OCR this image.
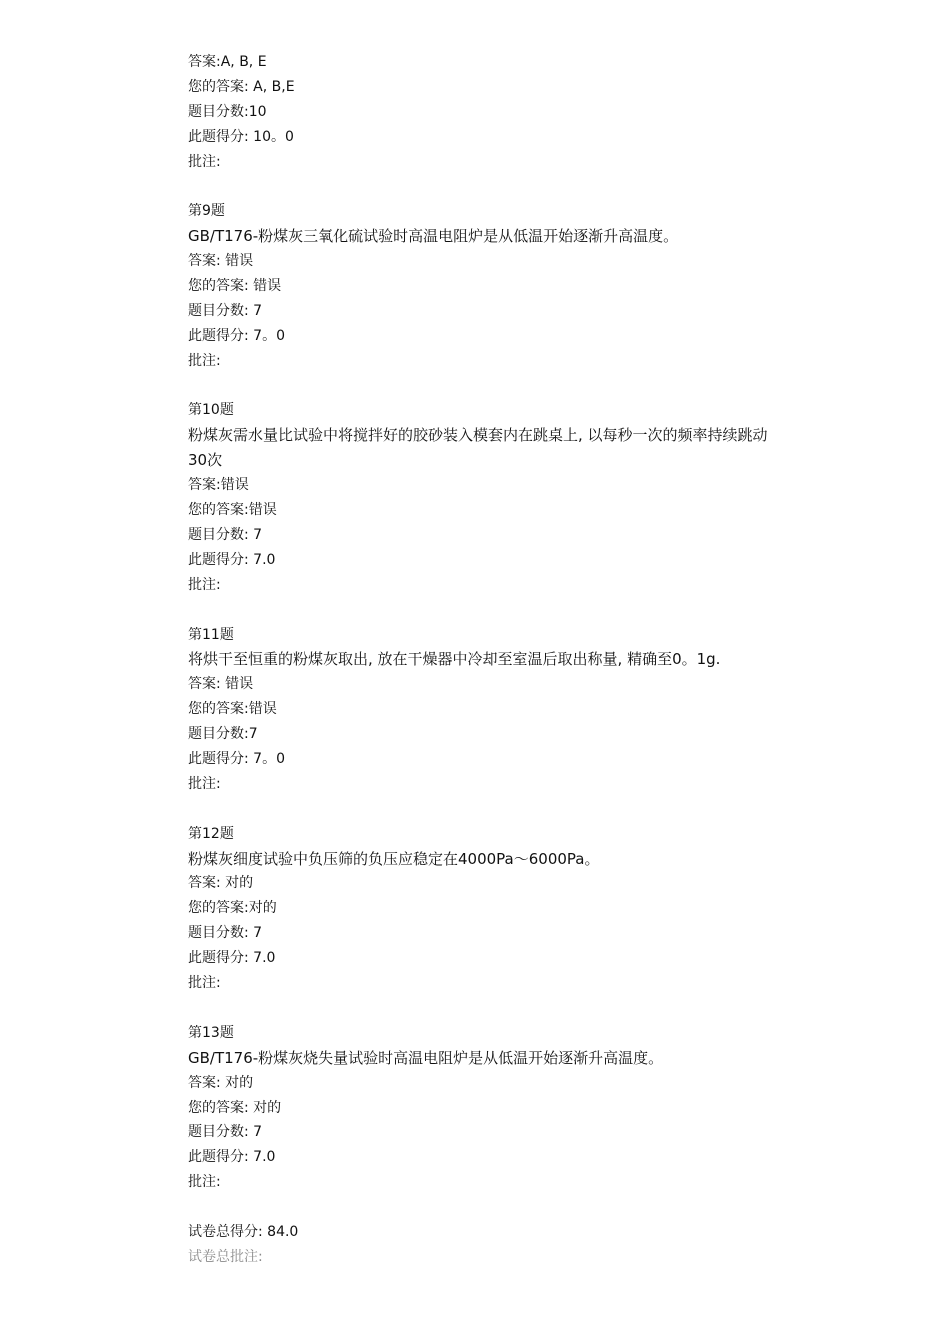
答案:A, B, E
您的答案: A, B,E
题目分数:10
此题得分: 10。0
批注:
第9题
GB/T176-粉煤灰三氧化硫试验时高温电阻炉是从低温开始逐渐升高温度。
答案: 错误
您的答案: 错误
题目分数: 7
此题得分: 7。0
批注:
第10题
粉煤灰需水量比试验中将搅拌好的胶砂装入模套内在跳桌上, 以每秒一次的频率持续跳动30次
答案:错误
您的答案:错误
题目分数: 7
此题得分: 7.0
批注:
第11题
将烘干至恒重的粉煤灰取出, 放在干燥器中冷却至室温后取出称量, 精确至0。1g.
答案: 错误
您的答案:错误
题目分数:7
此题得分: 7。0
批注:
第12题
粉煤灰细度试验中负压筛的负压应稳定在4000Pa～6000Pa。
答案: 对的
您的答案:对的
题目分数: 7
此题得分: 7.0
批注:
第13题
GB/T176-粉煤灰烧失量试验时高温电阻炉是从低温开始逐渐升高温度。
答案: 对的
您的答案: 对的
题目分数: 7
此题得分: 7.0
批注:
试卷总得分: 84.0
试卷总批注:
